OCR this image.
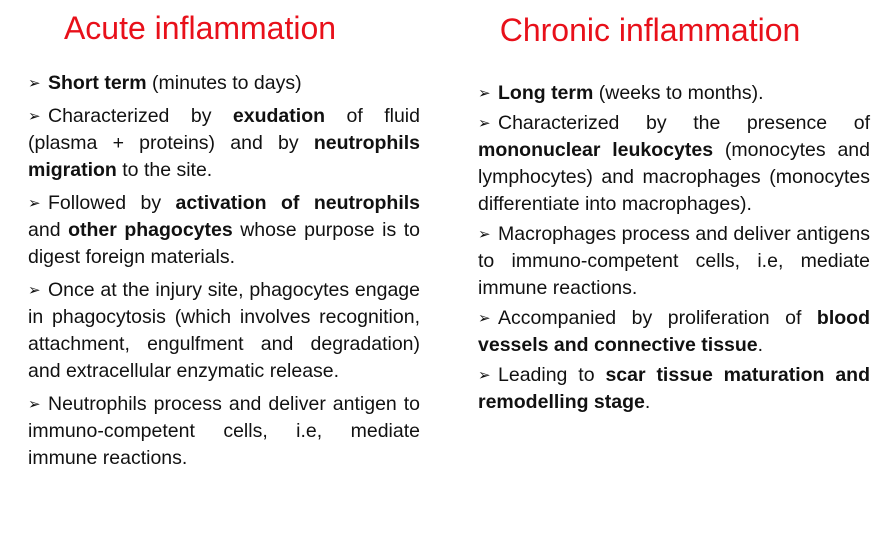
Acute inflammation
➢ Short term (minutes to days)
➢ Characterized by exudation of fluid (plasma + proteins) and by neutrophils migration to the site.
➢ Followed by activation of neutrophils and other phagocytes whose purpose is to digest foreign materials.
➢ Once at the injury site, phagocytes engage in phagocytosis (which involves recognition, attachment, engulfment and degradation) and extracellular enzymatic release.
➢ Neutrophils process and deliver antigen to immuno-competent cells, i.e, mediate immune reactions.
Chronic inflammation
➢ Long term (weeks to months).
➢ Characterized by the presence of mononuclear leukocytes (monocytes and lymphocytes) and macrophages (monocytes differentiate into macrophages).
➢ Macrophages process and deliver antigens to immuno-competent cells, i.e, mediate immune reactions.
➢ Accompanied by proliferation of blood vessels and connective tissue.
➢ Leading to scar tissue maturation and remodelling stage.
